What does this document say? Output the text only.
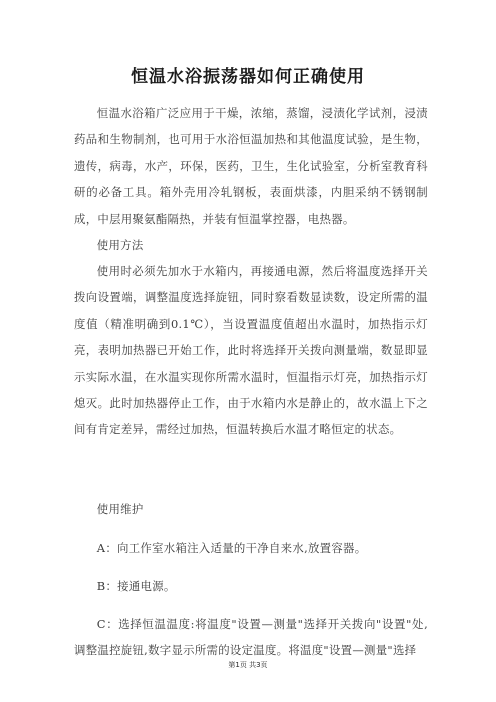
恒温水浴振荡器如何正确使用

恒温水浴箱广泛应用于干燥，浓缩，蒸馏，浸渍化学试剂，浸渍药品和生物制剂，也可用于水浴恒温加热和其他温度试验，是生物，遗传，病毒，水产，环保，医药，卫生，生化试验室，分析室教育科研的必备工具。箱外壳用冷轧钢板，表面烘漆，内胆采纳不锈钢制成，中层用聚氨酯隔热，并装有恒温掌控器，电热器。

使用方法

使用时必须先加水于水箱内，再接通电源，然后将温度选择开关拨向设置端，调整温度选择旋钮，同时察看数显读数，设定所需的温度值（精准明确到0.1℃），当设置温度值超出水温时，加热指示灯亮，表明加热器已开始工作，此时将选择开关拨向测量端，数显即显示实际水温，在水温实现你所需水温时，恒温指示灯亮，加热指示灯熄灭。此时加热器停止工作，由于水箱内水是静止的，故水温上下之间有肯定差异，需经过加热，恒温转换后水温才略恒定的状态。

使用维护

A：向工作室水箱注入适量的干净自来水,放置容器。

B：接通电源。

C：选择恒温温度:将温度"设置—测量"选择开关拨向"设置"处,调整温控旋钮,数字显示所需的设定温度。将温度"设置—测量"选择

第1页 共3页
